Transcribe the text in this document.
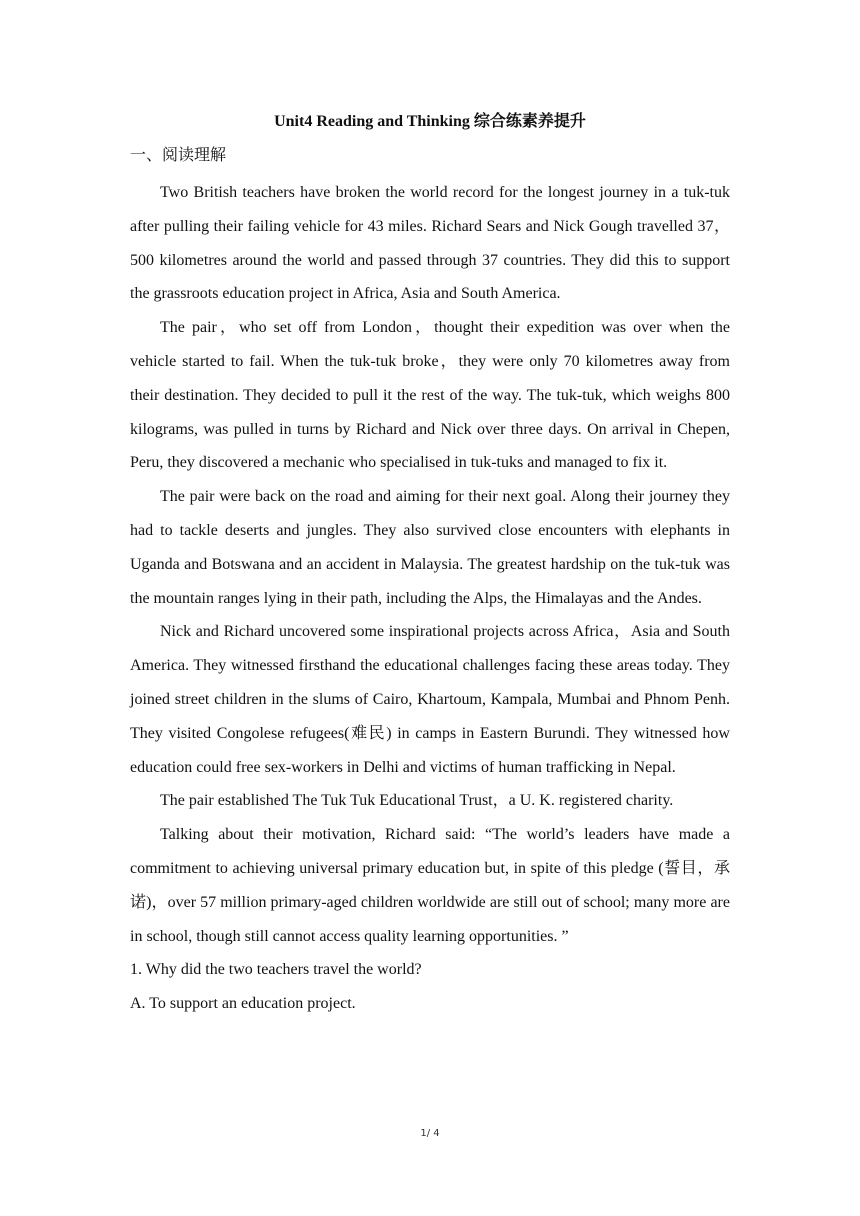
Unit4 Reading and Thinking 综合练素养提升
一、阅读理解

Two British teachers have broken the world record for the longest journey in a tuk-tuk after pulling their failing vehicle for 43 miles. Richard Sears and Nick Gough travelled 37，500 kilometres around the world and passed through 37 countries. They did this to support the grassroots education project in Africa, Asia and South America.

The pair，who set off from London，thought their expedition was over when the vehicle started to fail. When the tuk-tuk broke，they were only 70 kilometres away from their destination. They decided to pull it the rest of the way. The tuk-tuk, which weighs 800 kilograms, was pulled in turns by Richard and Nick over three days. On arrival in Chepen, Peru, they discovered a mechanic who specialised in tuk-tuks and managed to fix it.

The pair were back on the road and aiming for their next goal. Along their journey they had to tackle deserts and jungles. They also survived close encounters with elephants in Uganda and Botswana and an accident in Malaysia. The greatest hardship on the tuk-tuk was the mountain ranges lying in their path, including the Alps, the Himalayas and the Andes.

Nick and Richard uncovered some inspirational projects across Africa，Asia and South America. They witnessed firsthand the educational challenges facing these areas today. They joined street children in the slums of Cairo, Khartoum, Kampala, Mumbai and Phnom Penh. They visited Congolese refugees(难民) in camps in Eastern Burundi. They witnessed how education could free sex-workers in Delhi and victims of human trafficking in Nepal.

The pair established The Tuk Tuk Educational Trust，a U. K. registered charity.

Talking about their motivation, Richard said: “The world’s leaders have made a commitment to achieving universal primary education but, in spite of this pledge (誓目，承诺)，over 57 million primary-aged children worldwide are still out of school; many more are in school, though still cannot access quality learning opportunities. ”

1. Why did the two teachers travel the world?

A. To support an education project.

1/ 4
